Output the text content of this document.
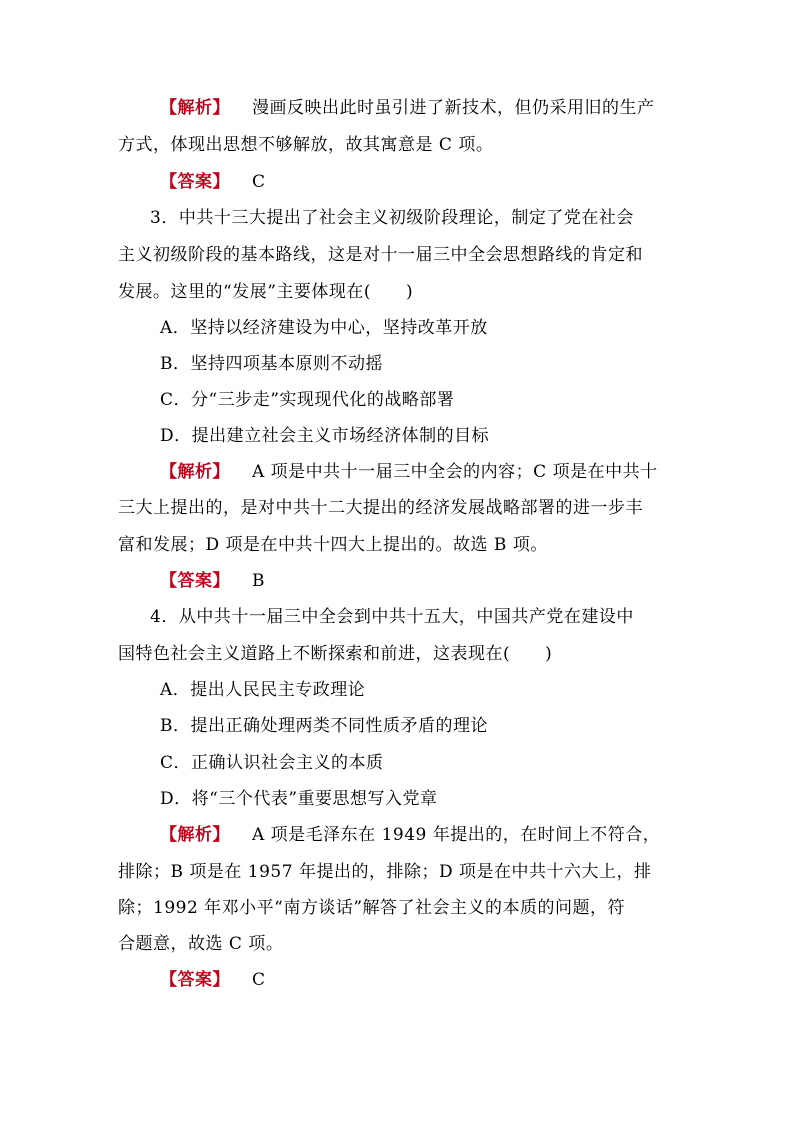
【解析】 漫画反映出此时虽引进了新技术，但仍采用旧的生产
方式，体现出思想不够解放，故其寓意是 C 项。
【答案】 C
3．中共十三大提出了社会主义初级阶段理论，制定了党在社会
主义初级阶段的基本路线，这是对十一届三中全会思想路线的肯定和
发展。这里的“发展”主要体现在(　　)
A．坚持以经济建设为中心，坚持改革开放
B．坚持四项基本原则不动摇
C．分“三步走”实现现代化的战略部署
D．提出建立社会主义市场经济体制的目标
【解析】 A 项是中共十一届三中全会的内容；C 项是在中共十
三大上提出的，是对中共十二大提出的经济发展战略部署的进一步丰
富和发展；D 项是在中共十四大上提出的。故选 B 项。
【答案】 B
4．从中共十一届三中全会到中共十五大，中国共产党在建设中
国特色社会主义道路上不断探索和前进，这表现在(　　)
A．提出人民民主专政理论
B．提出正确处理两类不同性质矛盾的理论
C．正确认识社会主义的本质
D．将“三个代表”重要思想写入党章
【解析】 A 项是毛泽东在 1949 年提出的，在时间上不符合，
排除；B 项是在 1957 年提出的，排除；D 项是在中共十六大上，排
除；1992 年邓小平“南方谈话”解答了社会主义的本质的问题，符
合题意，故选 C 项。
【答案】 C
